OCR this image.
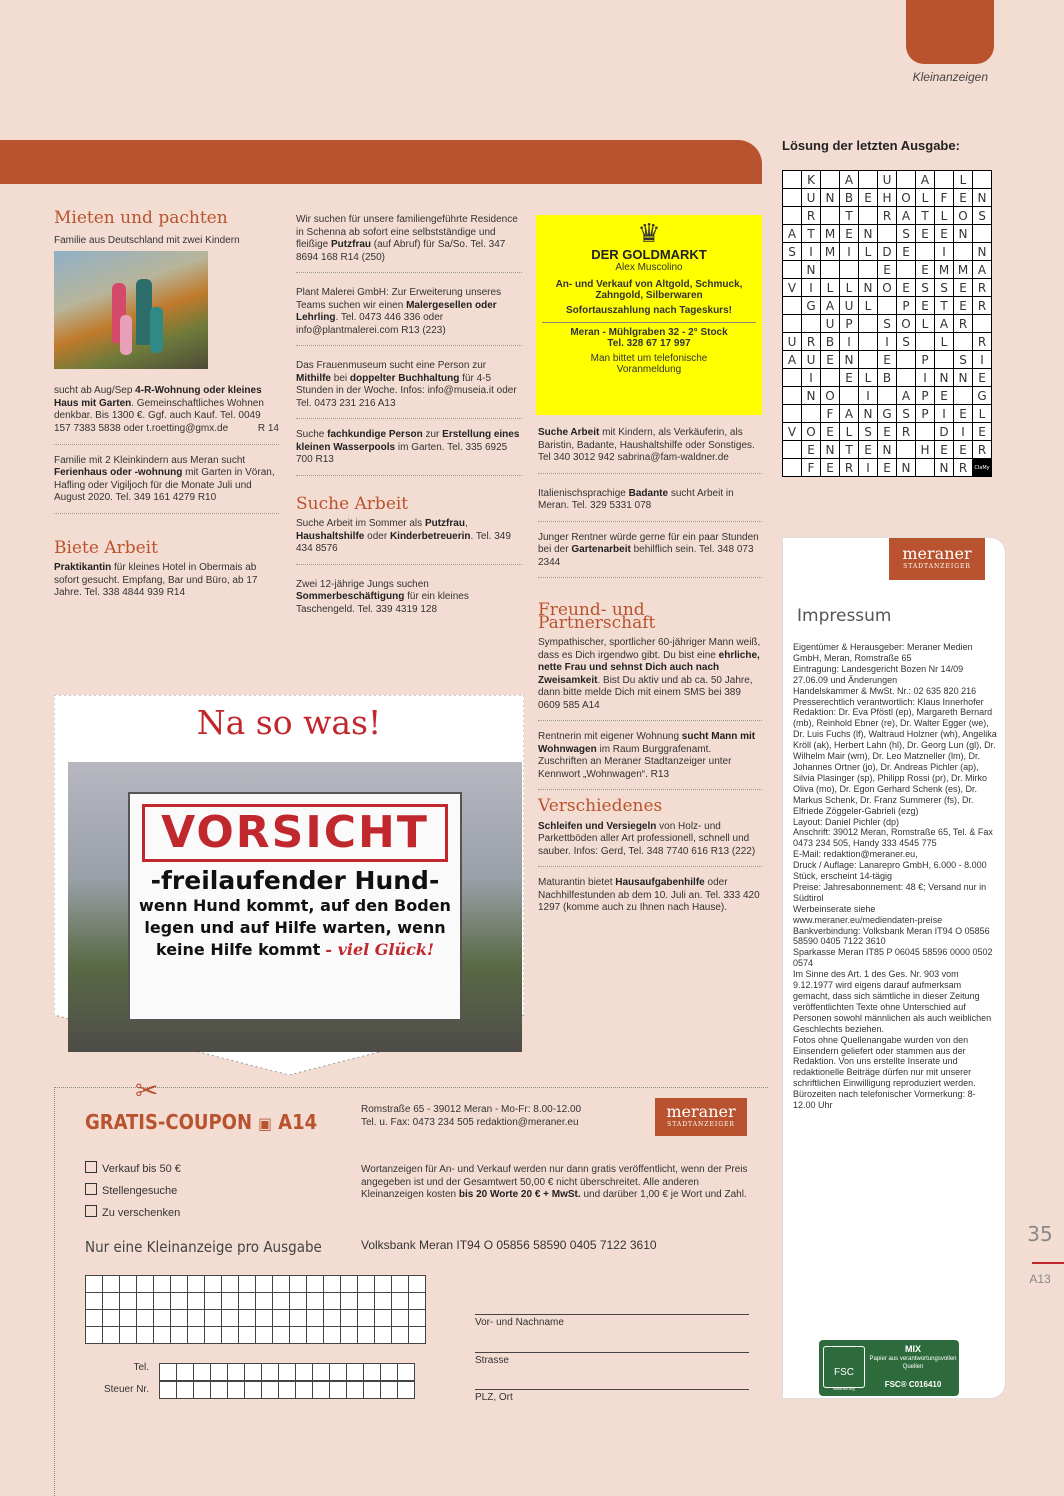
Kleinanzeigen
Mieten und pachten

Familie aus Deutschland mit zwei Kindern

sucht ab Aug/Sep 4-R-Wohnung oder kleines Haus mit Garten. Gemeinschaftliches Wohnen denkbar. Bis 1300 €. Ggf. auch Kauf. Tel. 0049 157 7383 5838 oder t.roetting@gmx.de	R 14

Familie mit 2 Kleinkindern aus Meran sucht Ferienhaus oder -wohnung mit Garten in Vöran, Hafling oder Vigiljoch für die Monate Juli und August 2020. Tel. 349 161 4279 R10

Biete Arbeit

Praktikantin für kleines Hotel in Obermais ab sofort gesucht. Empfang, Bar und Büro, ab 17 Jahre. Tel. 338 4844 939 R14

Wir suchen für unsere familiengeführte Residence in Schenna ab sofort eine selbstständige und fleißige Putzfrau (auf Abruf) für Sa/So. Tel. 347 8694 168 R14 (250)

Plant Malerei GmbH: Zur Erweiterung unseres Teams suchen wir einen Malergesellen oder Lehrling. Tel. 0473 446 336 oder info@plantmalerei.com R13 (223)

Das Frauenmuseum sucht eine Person zur Mithilfe bei doppelter Buchhaltung für 4-5 Stunden in der Woche. Infos: info@museia.it oder Tel. 0473 231 216 A13

Suche fachkundige Person zur Erstellung eines kleinen Wasserpools im Garten. Tel. 335 6925 700 R13

Suche Arbeit

Suche Arbeit im Sommer als Putzfrau, Haushaltshilfe oder Kinderbetreuerin. Tel. 349 434 8576

Zwei 12-jährige Jungs suchen Sommerbeschäftigung für ein kleines Taschengeld. Tel. 339 4319 128

♛
DER GOLDMARKT
Alex Muscolino
An- und Verkauf von Altgold, Schmuck, Zahngold, Silberwaren
Sofortauszahlung nach Tageskurs!
Meran - Mühlgraben 32 - 2° Stock
Tel. 328 67 17 997
Man bittet um telefonische Voranmeldung

Suche Arbeit mit Kindern, als Verkäuferin, als Baristin, Badante, Haushaltshilfe oder Sonstiges. Tel 340 3012 942 sabrina@fam-waldner.de

Italienischsprachige Badante sucht Arbeit in Meran. Tel. 329 5331 078

Junger Rentner würde gerne für ein paar Stunden bei der Gartenarbeit behilflich sein. Tel. 348 073 2344

Freund- und Partnerschaft

Sympathischer, sportlicher 60-jähriger Mann weiß, dass es Dich irgendwo gibt. Du bist eine ehrliche, nette Frau und sehnst Dich auch nach Zweisamkeit. Bist Du aktiv und ab ca. 50 Jahre, dann bitte melde Dich mit einem SMS bei 389 0609 585 A14

Rentnerin mit eigener Wohnung sucht Mann mit Wohnwagen im Raum Burggrafenamt. Zuschriften an Meraner Stadtanzeiger unter Kennwort „Wohnwagen“. R13

Verschiedenes

Schleifen und Versiegeln von Holz- und Parkettböden aller Art professionell, schnell und sauber. Infos: Gerd, Tel. 348 7740 616 R13 (222)

Maturantin bietet Hausaufgabenhilfe oder Nachhilfestunden ab dem 10. Juli an. Tel. 333 420 1297 (komme auch zu Ihnen nach Hause).

Na so was!
VORSICHT
-freilaufender Hund-
wenn Hund kommt, auf den Boden
legen und auf Hilfe warten, wenn
keine Hilfe kommt - viel Glück!
Lösung der letzten Ausgabe:
	K		A		U		A		L	
	U	N	B	E	H	O	L	F	E	N
	R		T		R	A	T	L	O	S
A	T	M	E	N		S	E	E	N	
S	I	M	I	L	D	E		I		N
	N				E		E	M	M	A
V	I	L	L	N	O	E	S	S	E	R
	G	A	U	L		P	E	T	E	R
		U	P		S	O	L	A	R	
U	R	B	I		I	S		L		R
A	U	E	N		E		P		S	I
	I		E	L	B		I	N	N	E
	N	O		I		A	P	E		G
		F	A	N	G	S	P	I	E	L
V	O	E	L	S	E	R		D	I	E
	E	N	T	E	N		H	E	E	R
	F	E	R	I	E	N		N	R	ClaMy
meraner
STADTANZEIGER
Impressum
Eigentümer & Herausgeber: Meraner Medien GmbH, Meran, Romstraße 65
Eintragung: Landesgericht Bozen Nr 14/09 27.06.09 und Änderungen
Handelskammer & MwSt. Nr.: 02 635 820 216
Presserechtlich verantwortlich: Klaus Innerhofer
Redaktion: Dr. Eva Pföstl (ep), Margareth Bernard (mb), Reinhold Ebner (re), Dr. Walter Egger (we), Dr. Luis Fuchs (lf), Waltraud Holzner (wh), Angelika Kröll (ak), Herbert Lahn (hl), Dr. Georg Lun (gl), Dr. Wilhelm Mair (wm), Dr. Leo Matzneller (lm), Dr. Johannes Ortner (jo), Dr. Andreas Pichler (ap), Silvia Plasinger (sp), Philipp Rossi (pr), Dr. Mirko Oliva (mo), Dr. Egon Gerhard Schenk (es), Dr. Markus Schenk, Dr. Franz Summerer (fs), Dr. Elfriede Zöggeler-Gabrieli (ezg)
Layout: Daniel Pichler (dp)
Anschrift: 39012 Meran, Romstraße 65, Tel. & Fax 0473 234 505, Handy 333 4545 775
E-Mail: redaktion@meraner.eu,
Druck / Auflage: Lanarepro GmbH, 6.000 - 8.000 Stück, erscheint 14-tägig
Preise: Jahresabonnement: 48 €; Versand nur in Südtirol
Werbeinserate siehe www.meraner.eu/mediendaten-preise
Bankverbindung: Volksbank Meran IT94 O 05856 58590 0405 7122 3610
Sparkasse Meran IT85 P 06045 58596 0000 0502 0574
Im Sinne des Art. 1 des Ges. Nr. 903 vom 9.12.1977 wird eigens darauf aufmerksam gemacht, dass sich sämtliche in dieser Zeitung veröffentlichten Texte ohne Unterschied auf Personen sowohl männlichen als auch weiblichen Geschlechts beziehen.
Fotos ohne Quellenangabe wurden von den Einsendern geliefert oder stammen aus der Redaktion. Von uns erstellte Inserate und redaktionelle Beiträge dürfen nur mit unserer schriftlichen Einwilligung reproduziert werden.
Bürozeiten nach telefonischer Vormerkung: 8-12.00 Uhr
FSC
www.fsc.org
MIX
Papier aus verantwortungsvollen Quellen
FSC® C016410
35
A13
✂
GRATIS-COUPON ▣ A14
Romstraße 65 - 39012 Meran - Mo-Fr: 8.00-12.00
Tel. u. Fax: 0473 234 505 redaktion@meraner.eu
meraner
STADTANZEIGER
Verkauf bis 50 €
Stellengesuche
Zu verschenken
Wortanzeigen für An- und Verkauf werden nur dann gratis veröffentlicht, wenn der Preis angegeben ist und der Gesamtwert 50,00 € nicht überschreitet. Alle anderen Kleinanzeigen kosten bis 20 Worte 20 € + MwSt. und darüber 1,00 € je Wort und Zahl.
Nur eine Kleinanzeige pro Ausgabe	Volksbank Meran IT94 O 05856 58590 0405 7122 3610

Tel.

Steuer Nr.

Vor- und Nachname
Strasse
PLZ, Ort
